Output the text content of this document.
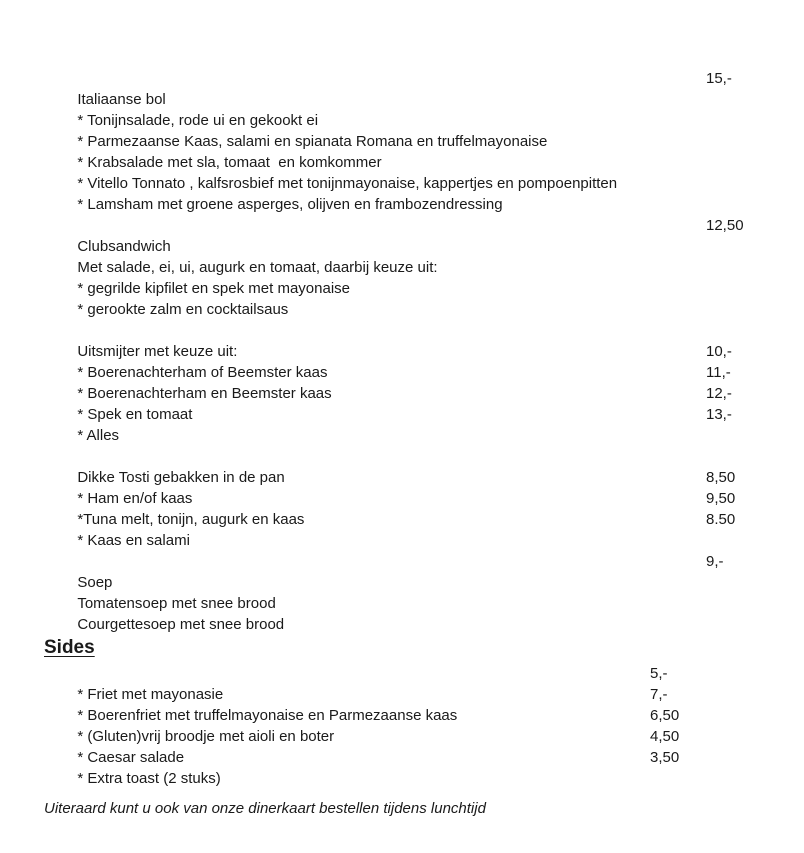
Italiaanse bol

15,-

* Tonijnsalade, rode ui en gekookt ei

* Parmezaanse Kaas, salami en spianata Romana en truffelmayonaise

* Krabsalade met sla, tomaat  en komkommer

* Vitello Tonnato , kalfsrosbief met tonijnmayonaise, kappertjes en pompoenpitten

* Lamsham met groene asperges, olijven en frambozendressing

Clubsandwich

12,50

Met salade, ei, ui, augurk en tomaat, daarbij keuze uit:

* gegrilde kipfilet en spek met mayonaise

* gerookte zalm en cocktailsaus

Uitsmijter met keuze uit:

* Boerenachterham of Beemster kaas

10,-

* Boerenachterham en Beemster kaas

11,-

* Spek en tomaat

12,-

* Alles

13,-

Dikke Tosti gebakken in de pan

* Ham en/of kaas

8,50

*Tuna melt, tonijn, augurk en kaas

9,50

* Kaas en salami

8.50

Soep

9,-

Tomatensoep met snee brood

Courgettesoep met snee brood

Sides

* Friet met mayonasie

5,-

* Boerenfriet met truffelmayonaise en Parmezaanse kaas

7,-

* (Gluten)vrij broodje met aioli en boter

6,50

* Caesar salade

4,50

* Extra toast (2 stuks)

3,50

Uiteraard kunt u ook van onze dinerkaart bestellen tijdens lunchtijd
